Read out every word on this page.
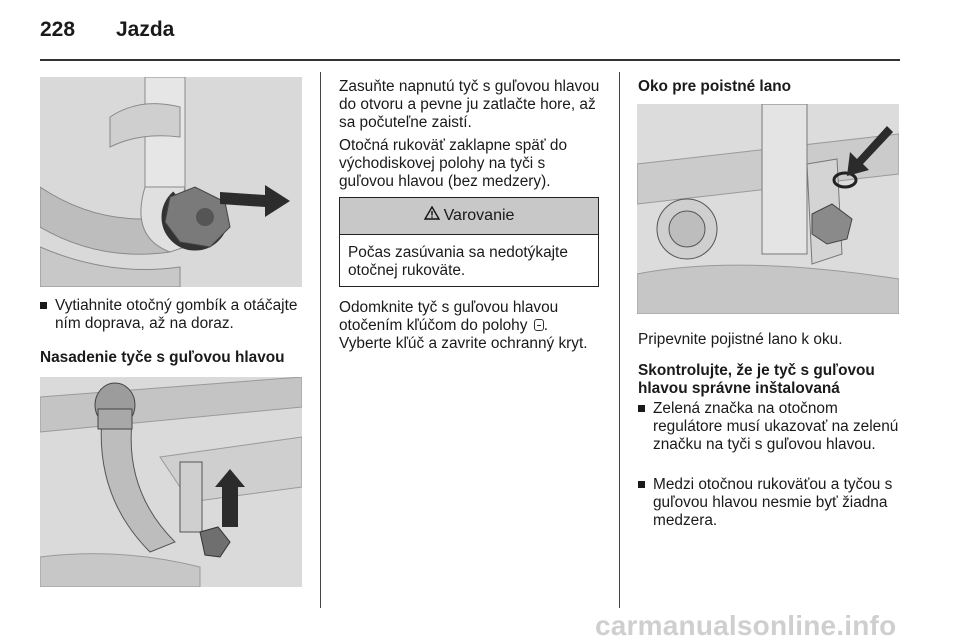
228 Jazda
Vytiahnite otočný gombík a otáčajte ním doprava, až na doraz.
Nasadenie tyče s guľovou hlavou
Zasuňte napnutú tyč s guľovou hlavou do otvoru a pevne ju zatlačte hore, až sa počuteľne zaistí.
Otočná rukoväť zaklapne späť do východiskovej polohy na tyči s guľovou hlavou (bez medzery).
Varovanie
Počas zasúvania sa nedotýkajte otočnej rukoväte.
Odomknite tyč s guľovou hlavou
otočením kľúčom do polohy .
Vyberte kľúč a zavrite ochranný kryt.
Oko pre poistné lano
Pripevnite pojistné lano k oku.
Skontrolujte, že je tyč s guľovou hlavou správne inštalovaná
Zelená značka na otočnom regulátore musí ukazovať na zelenú značku na tyči s guľovou hlavou.
Medzi otočnou rukoväťou a tyčou s guľovou hlavou nesmie byť žiadna medzera.
carmanualsonline.info
